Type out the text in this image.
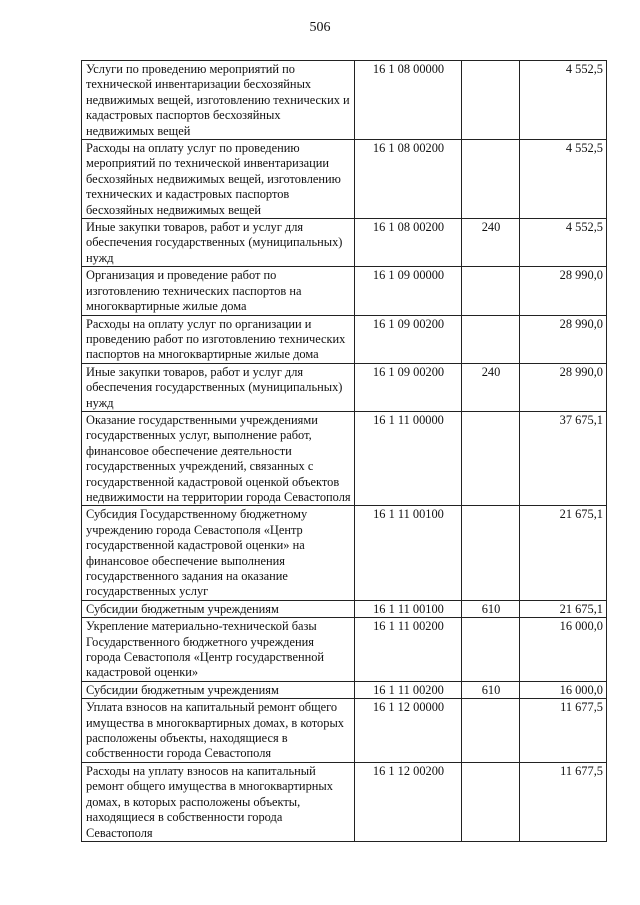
506
Услуги по проведению мероприятий по технической инвентаризации бесхозяйных недвижимых вещей, изготовлению технических и кадастровых паспортов бесхозяйных недвижимых вещей	16 1 08 00000		4 552,5
Расходы на оплату услуг по проведению мероприятий по технической инвентаризации бесхозяйных недвижимых вещей, изготовлению технических и кадастровых паспортов бесхозяйных недвижимых вещей	16 1 08 00200		4 552,5
Иные закупки товаров, работ и услуг для обеспечения государственных (муниципальных) нужд	16 1 08 00200	240	4 552,5
Организация и проведение работ по изготовлению технических паспортов на многоквартирные жилые дома	16 1 09 00000		28 990,0
Расходы на оплату услуг по организации и проведению работ по изготовлению технических паспортов на многоквартирные жилые дома	16 1 09 00200		28 990,0
Иные закупки товаров, работ и услуг для обеспечения государственных (муниципальных) нужд	16 1 09 00200	240	28 990,0
Оказание государственными учреждениями государственных услуг, выполнение работ, финансовое обеспечение деятельности государственных учреждений, связанных с государственной кадастровой оценкой объектов недвижимости на территории города Севастополя	16 1 11 00000		37 675,1
Субсидия Государственному бюджетному учреждению города Севастополя «Центр государственной кадастровой оценки» на финансовое обеспечение выполнения государственного задания на оказание государственных услуг	16 1 11 00100		21 675,1
Субсидии бюджетным учреждениям	16 1 11 00100	610	21 675,1
Укрепление материально-технической базы Государственного бюджетного учреждения города Севастополя «Центр государственной кадастровой оценки»	16 1 11 00200		16 000,0
Субсидии бюджетным учреждениям	16 1 11 00200	610	16 000,0
Уплата взносов на капитальный ремонт общего имущества в многоквартирных домах, в которых расположены объекты, находящиеся в собственности города Севастополя	16 1 12 00000		11 677,5
Расходы на уплату взносов на капитальный ремонт общего имущества в многоквартирных домах, в которых расположены объекты, находящиеся в собственности города Севастополя	16 1 12 00200		11 677,5
